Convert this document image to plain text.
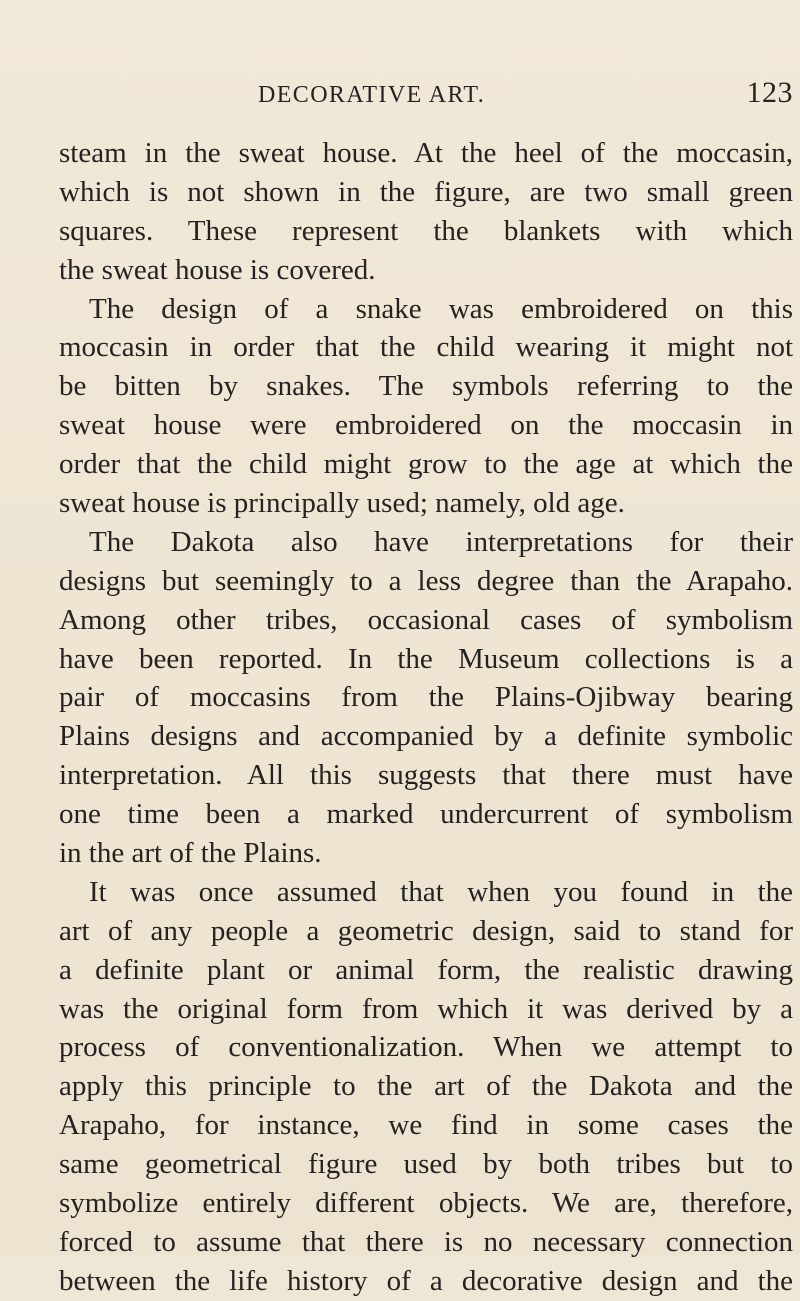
DECORATIVE ART.	123

steam in the sweat house. At the heel of the moccasin,
which is not shown in the figure, are two small green
squares. These represent the blankets with which
the sweat house is covered.

The design of a snake was embroidered on this
moccasin in order that the child wearing it might not
be bitten by snakes. The symbols referring to the
sweat house were embroidered on the moccasin in
order that the child might grow to the age at which the
sweat house is principally used; namely, old age.

The Dakota also have interpretations for their
designs but seemingly to a less degree than the Arapaho.
Among other tribes, occasional cases of symbolism
have been reported. In the Museum collections is a
pair of moccasins from the Plains-Ojibway bearing
Plains designs and accompanied by a definite symbolic
interpretation. All this suggests that there must have
one time been a marked undercurrent of symbolism
in the art of the Plains.

It was once assumed that when you found in the
art of any people a geometric design, said to stand for
a definite plant or animal form, the realistic drawing
was the original form from which it was derived by a
process of conventionalization. When we attempt to
apply this principle to the art of the Dakota and the
Arapaho, for instance, we find in some cases the
same geometrical figure used by both tribes but to
symbolize entirely different objects. We are, therefore,
forced to assume that there is no necessary connection
between the life history of a decorative design and the
